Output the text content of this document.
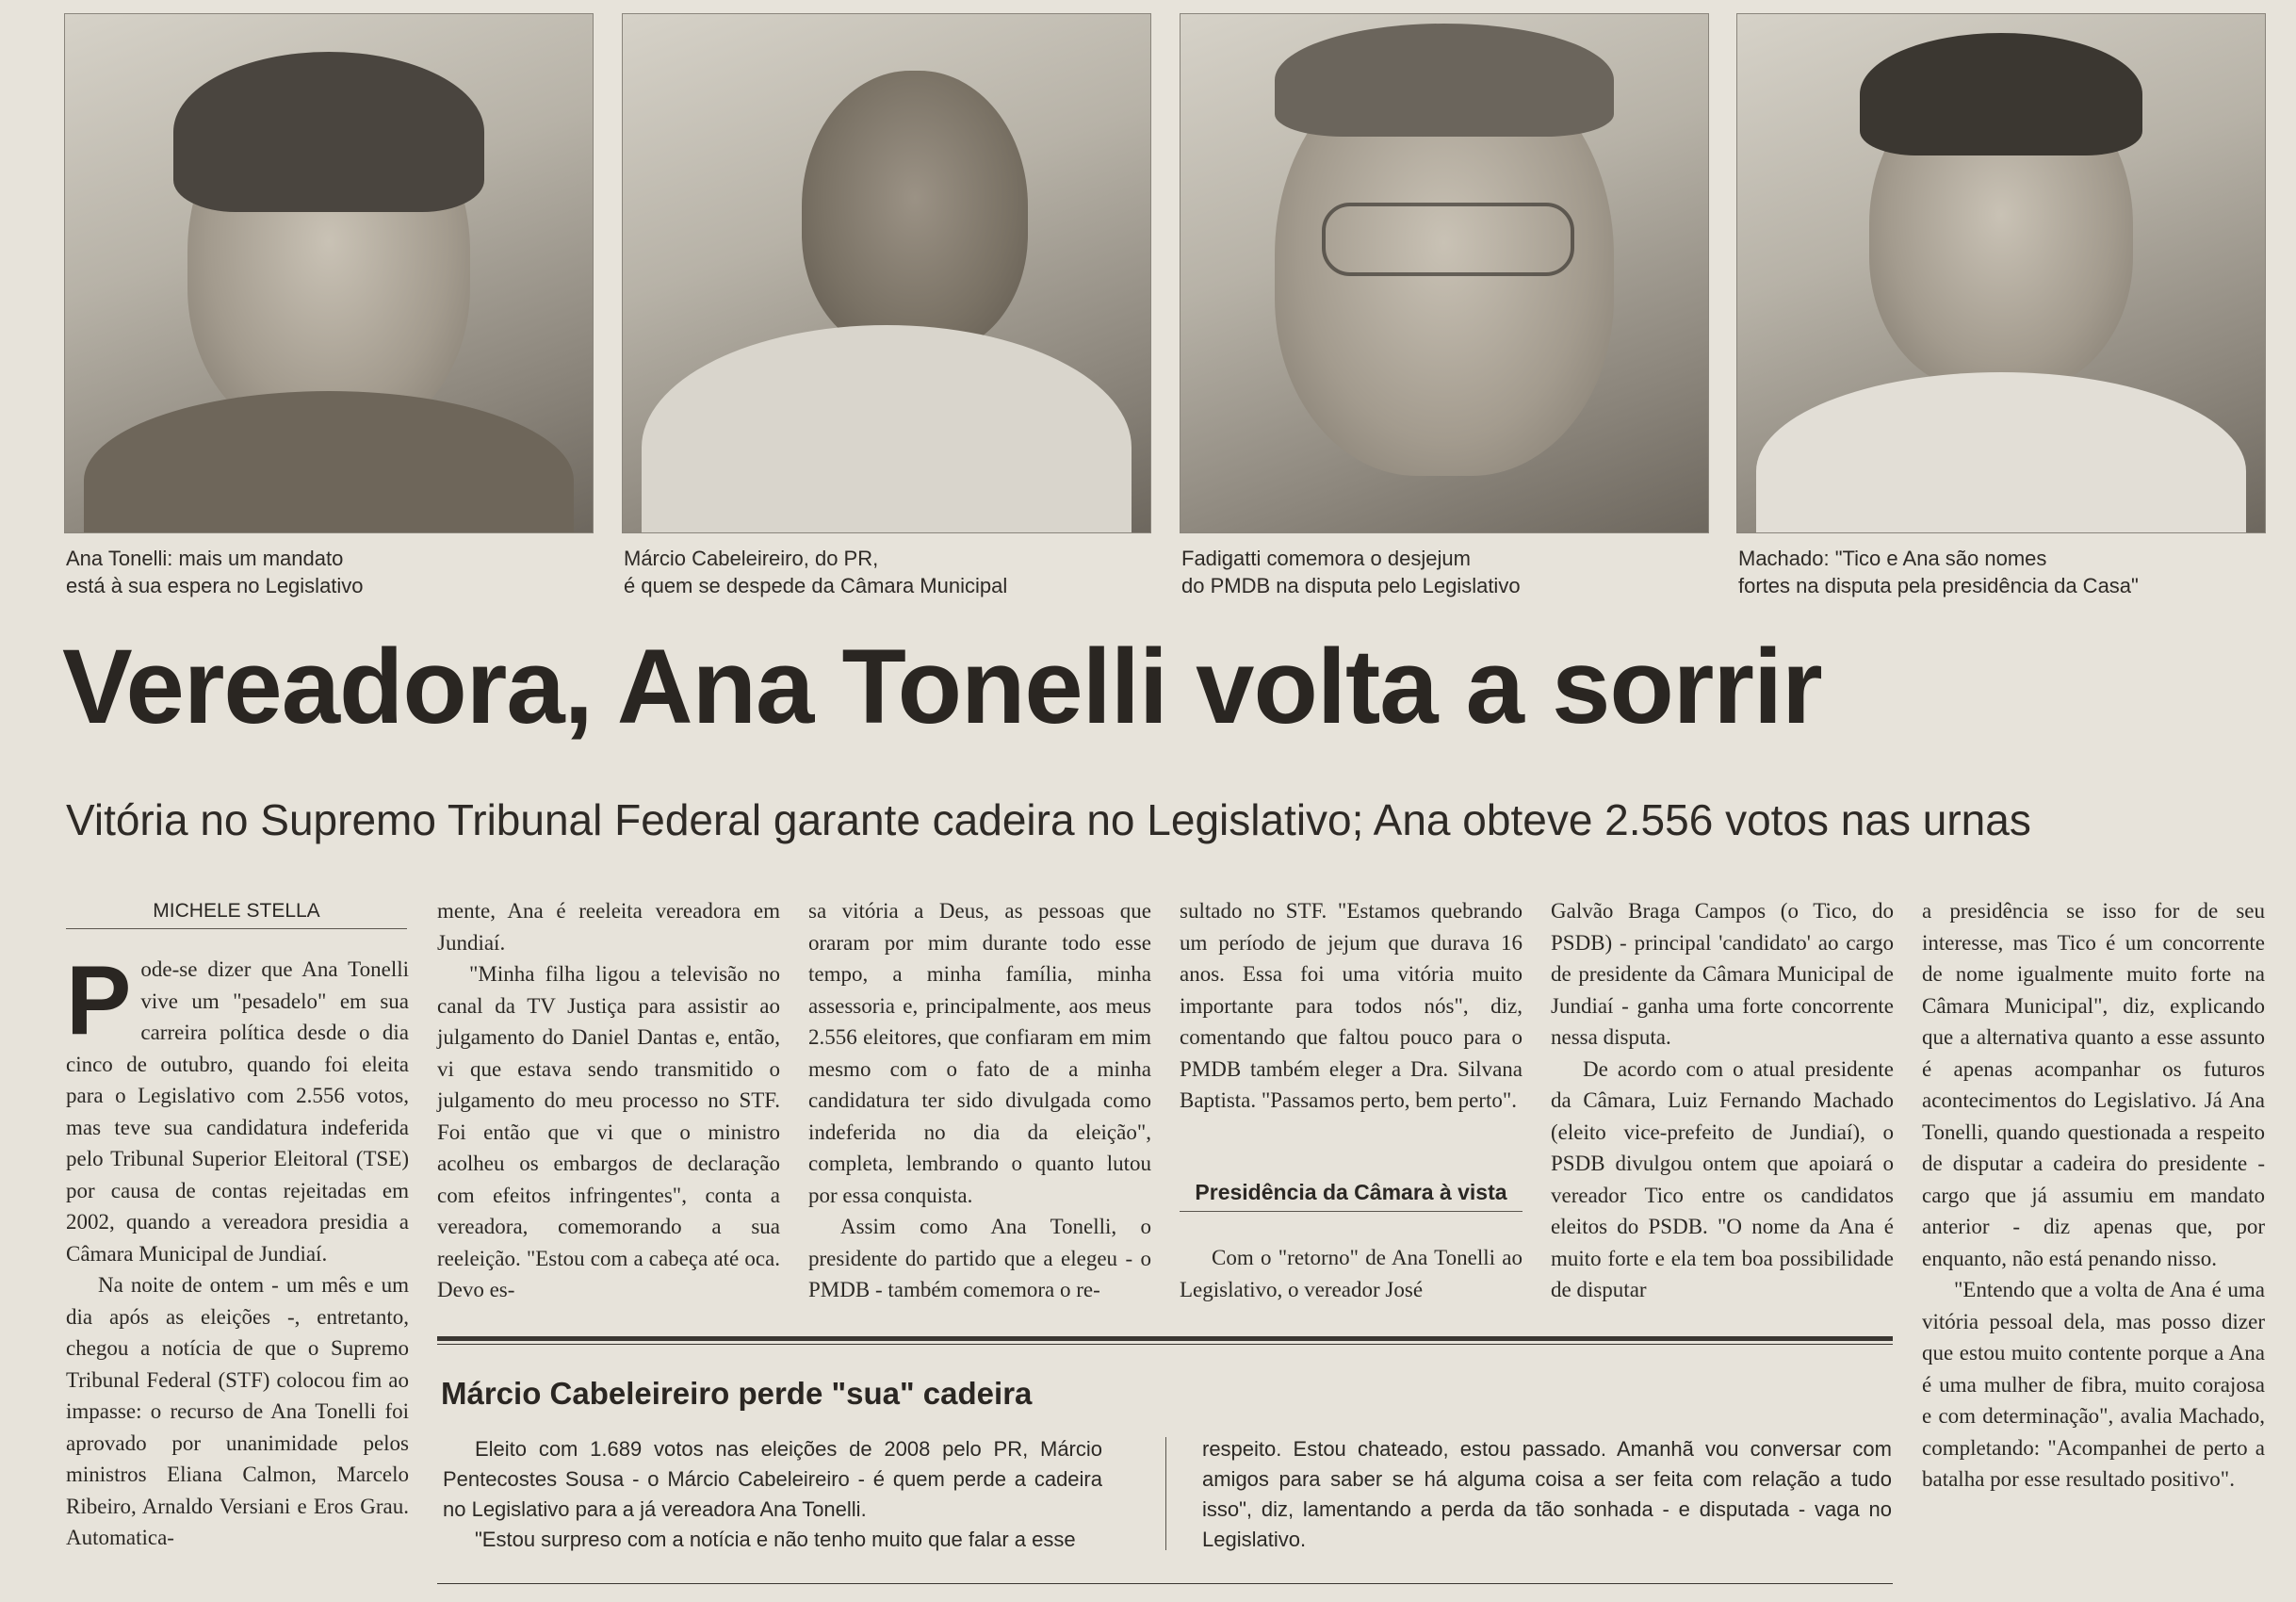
Ana Tonelli: mais um mandato
está à sua espera no Legislativo
Márcio Cabeleireiro, do PR,
é quem se despede da Câmara Municipal
Fadigatti comemora o desjejum
do PMDB na disputa pelo Legislativo
Machado: "Tico e Ana são nomes
fortes na disputa pela presidência da Casa"
Vereadora, Ana Tonelli volta a sorrir
Vitória no Supremo Tribunal Federal garante cadeira no Legislativo; Ana obteve 2.556 votos nas urnas
MICHELE STELLA

Pode-se dizer que Ana Tonelli vive um "pesadelo" em sua carreira política desde o dia cinco de outubro, quando foi eleita para o Legislativo com 2.556 votos, mas teve sua candidatura indeferida pelo Tribunal Superior Eleitoral (TSE) por causa de contas rejeitadas em 2002, quando a vereadora presidia a Câmara Municipal de Jundiaí.

Na noite de ontem - um mês e um dia após as eleições -, entretanto, chegou a notícia de que o Supremo Tribunal Federal (STF) colocou fim ao impasse: o recurso de Ana Tonelli foi aprovado por unanimidade pelos ministros Eliana Calmon, Marcelo Ribeiro, Arnaldo Versiani e Eros Grau. Automatica-

mente, Ana é reeleita vereadora em Jundiaí.

"Minha filha ligou a televisão no canal da TV Justiça para assistir ao julgamento do Daniel Dantas e, então, vi que estava sendo transmitido o julgamento do meu processo no STF. Foi então que vi que o ministro acolheu os embargos de declaração com efeitos infringentes", conta a vereadora, comemorando a sua reeleição. "Estou com a cabeça até oca. Devo es-

sa vitória a Deus, as pessoas que oraram por mim durante todo esse tempo, a minha família, minha assessoria e, principalmente, aos meus 2.556 eleitores, que confiaram em mim mesmo com o fato de a minha candidatura ter sido divulgada como indeferida no dia da eleição", completa, lembrando o quanto lutou por essa conquista.

Assim como Ana Tonelli, o presidente do partido que a elegeu - o PMDB - também comemora o re-

sultado no STF. "Estamos quebrando um período de jejum que durava 16 anos. Essa foi uma vitória muito importante para todos nós", diz, comentando que faltou pouco para o PMDB também eleger a Dra. Silvana Baptista. "Passamos perto, bem perto".

Presidência da Câmara à vista

Com o "retorno" de Ana Tonelli ao Legislativo, o vereador José

Galvão Braga Campos (o Tico, do PSDB) - principal 'candidato' ao cargo de presidente da Câmara Municipal de Jundiaí - ganha uma forte concorrente nessa disputa.

De acordo com o atual presidente da Câmara, Luiz Fernando Machado (eleito vice-prefeito de Jundiaí), o PSDB divulgou ontem que apoiará o vereador Tico entre os candidatos eleitos do PSDB. "O nome da Ana é muito forte e ela tem boa possibilidade de disputar

a presidência se isso for de seu interesse, mas Tico é um concorrente de nome igualmente muito forte na Câmara Municipal", diz, explicando que a alternativa quanto a esse assunto é apenas acompanhar os futuros acontecimentos do Legislativo. Já Ana Tonelli, quando questionada a respeito de disputar a cadeira do presidente - cargo que já assumiu em mandato anterior - diz apenas que, por enquanto, não está penando nisso.

"Entendo que a volta de Ana é uma vitória pessoal dela, mas posso dizer que estou muito contente porque a Ana é uma mulher de fibra, muito corajosa e com determinação", avalia Machado, completando: "Acompanhei de perto a batalha por esse resultado positivo".

Márcio Cabeleireiro perde "sua" cadeira

Eleito com 1.689 votos nas eleições de 2008 pelo PR, Márcio Pentecostes Sousa - o Márcio Cabeleireiro - é quem perde a cadeira no Legislativo para a já vereadora Ana Tonelli.

"Estou surpreso com a notícia e não tenho muito que falar a esse

respeito. Estou chateado, estou passado. Amanhã vou conversar com amigos para saber se há alguma coisa a ser feita com relação a tudo isso", diz, lamentando a perda da tão sonhada - e disputada - vaga no Legislativo.
